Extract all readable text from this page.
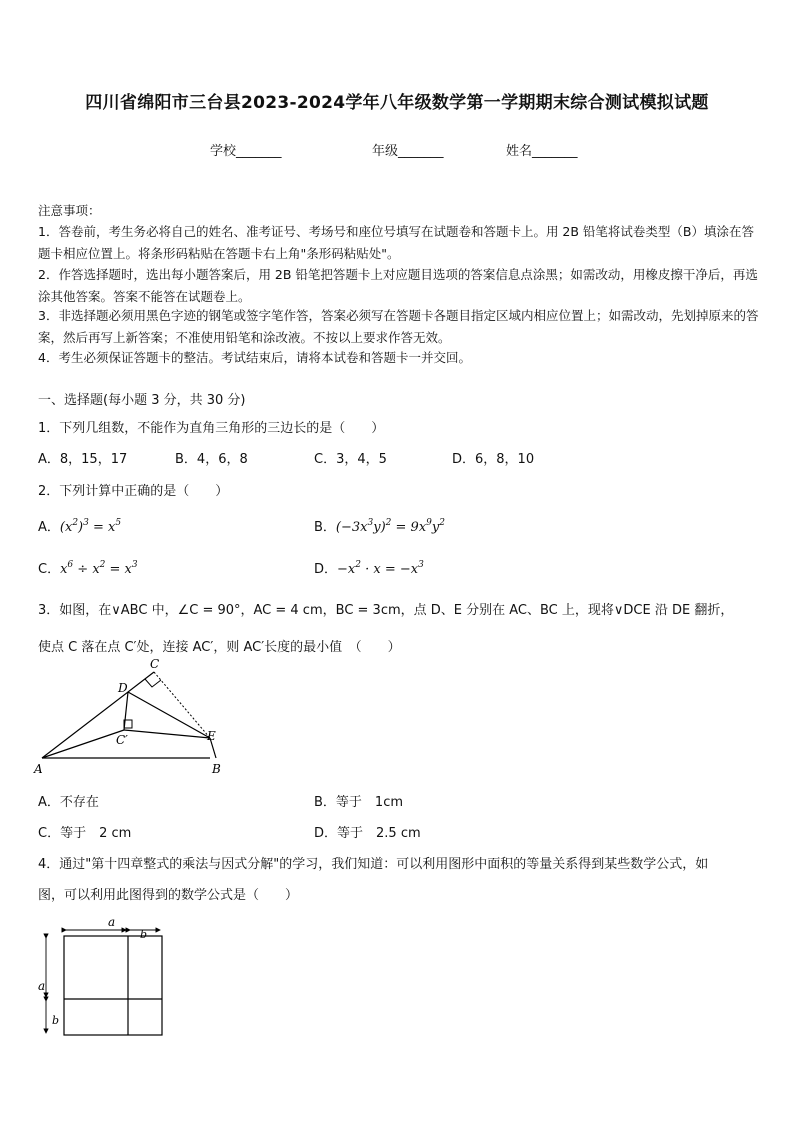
四川省绵阳市三台县2023-2024学年八年级数学第一学期期末综合测试模拟试题
学校_______	年级_______	姓名_______
注意事项：
1．答卷前，考生务必将自己的姓名、准考证号、考场号和座位号填写在试题卷和答题卡上。用 2B 铅笔将试卷类型（B）填涂在答题卡相应位置上。将条形码粘贴在答题卡右上角"条形码粘贴处"。
2．作答选择题时，选出每小题答案后，用 2B 铅笔把答题卡上对应题目选项的答案信息点涂黑；如需改动，用橡皮擦干净后，再选涂其他答案。答案不能答在试题卷上。
3．非选择题必须用黑色字迹的钢笔或签字笔作答，答案必须写在答题卡各题目指定区域内相应位置上；如需改动，先划掉原来的答案，然后再写上新答案；不准使用铅笔和涂改液。不按以上要求作答无效。
4．考生必须保证答题卡的整洁。考试结束后，请将本试卷和答题卡一并交回。
一、选择题(每小题 3 分，共 30 分)
1．下列几组数，不能作为直角三角形的三边长的是（　　）
A．8，15，17	B．4，6，8	C．3，4，5	D．6，8，10
2．下列计算中正确的是（　　）
A．$(x^2)^3 = x^5$	B．$(-3x^3y)^2 = 9x^9y^2$
C．$x^6 \div x^2 = x^3$	D．$-x^2 \cdot x = -x^3$
3．如图，在∨ABC 中，∠C = 90°，AC = 4 cm，BC = 3cm，点 D、E 分别在 AC、BC 上，现将∨DCE 沿 DE 翻折，
使点 C 落在点 C′处，连接 AC′，则 AC′长度的最小值　（　　）
A	B
C
D
E
C′
A．不存在	B．等于　1cm
C．等于　2 cm	D．等于　2.5 cm
4．通过"第十四章整式的乘法与因式分解"的学习，我们知道：可以利用图形中面积的等量关系得到某些数学公式，如
图，可以利用此图得到的数学公式是（　　）
a
b
a
b
